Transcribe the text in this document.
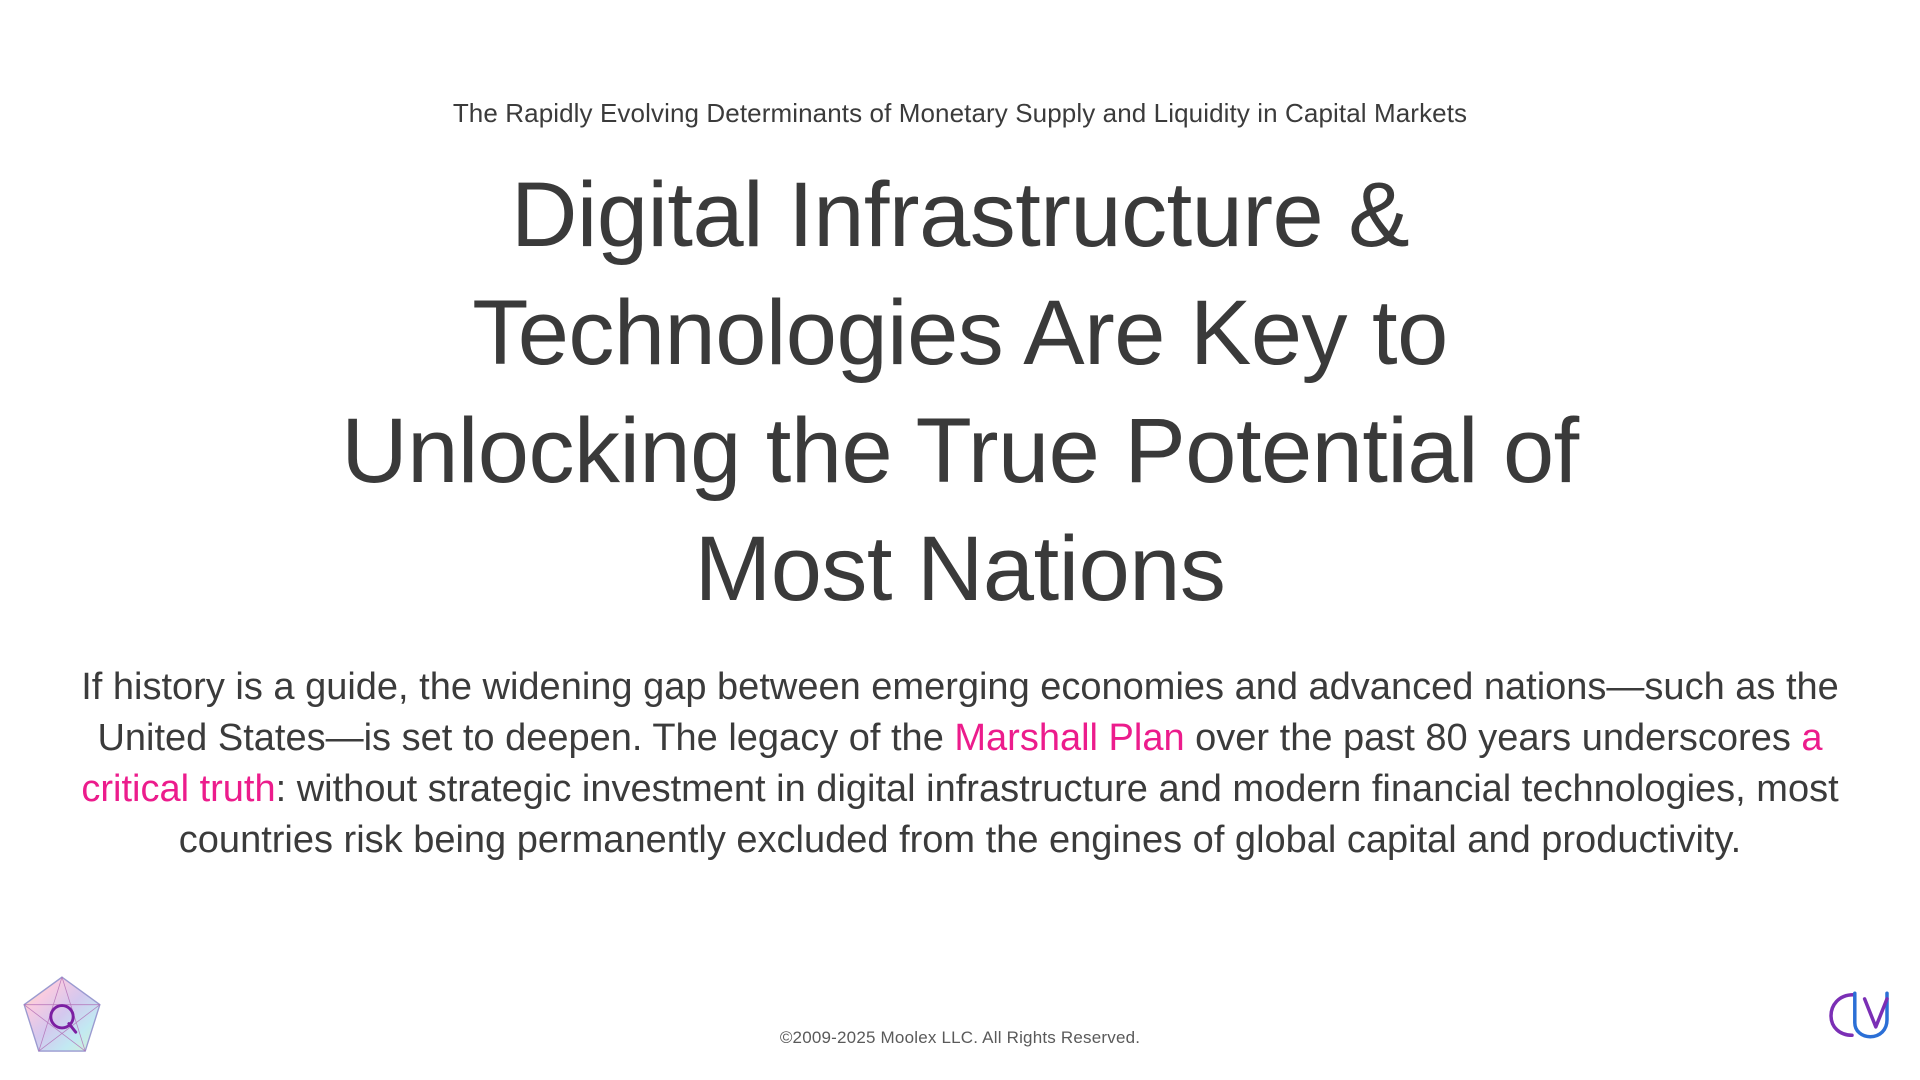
The Rapidly Evolving Determinants of Monetary Supply and Liquidity in Capital Markets
Digital Infrastructure & Technologies Are Key to Unlocking the True Potential of Most Nations

If history is a guide, the widening gap between emerging economies and advanced nations—such as the United States—is set to deepen. The legacy of the Marshall Plan over the past 80 years underscores a critical truth: without strategic investment in digital infrastructure and modern financial technologies, most countries risk being permanently excluded from the engines of global capital and productivity.

©2009-2025 Moolex LLC. All Rights Reserved.
